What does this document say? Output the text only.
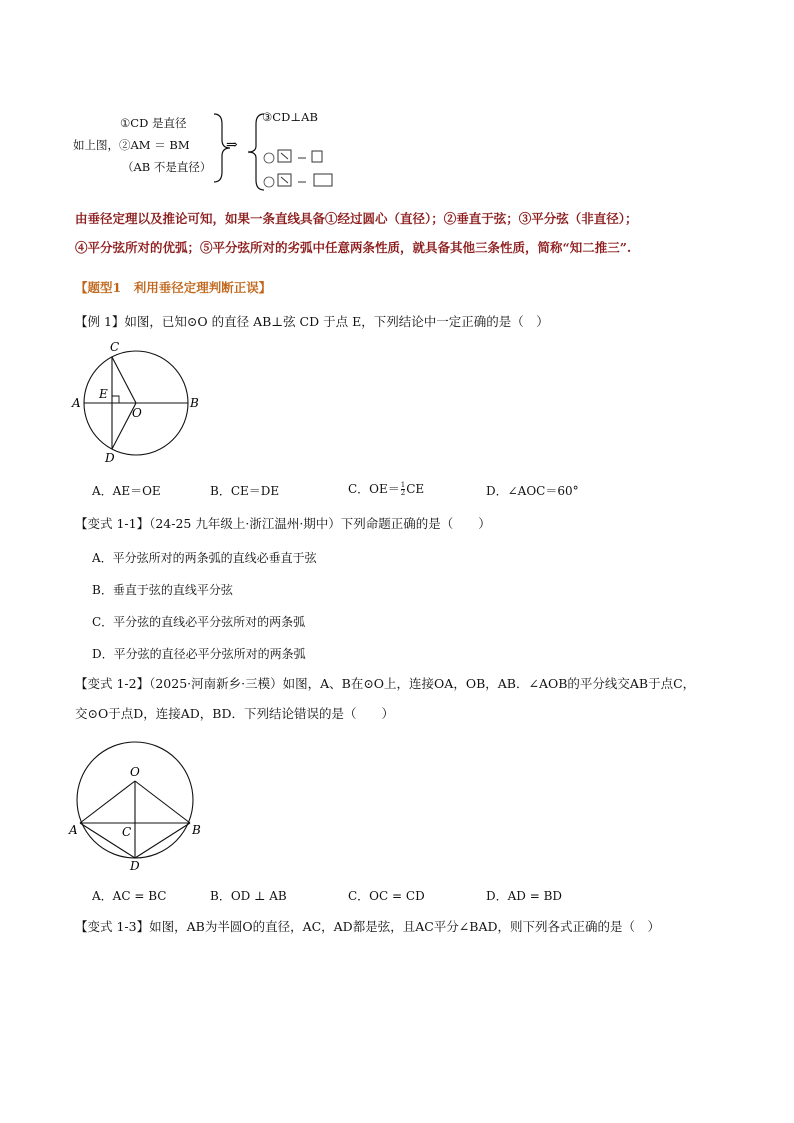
①CD 是直径
如上图，②AM ＝ BM
（AB 不是直径）
⇒
③CD⊥AB
由垂径定理以及推论可知，如果一条直线具备①经过圆心（直径）；②垂直于弦；③平分弦（非直径）；
④平分弦所对的优弧；⑤平分弦所对的劣弧中任意两条性质，就具备其他三条性质，简称“知二推三”.
【题型1　利用垂径定理判断正误】
【例 1】如图，已知⊙O 的直径 AB⊥弦 CD 于点 E，下列结论中一定正确的是（　）
C
A
E
O
B
D
A．AE＝OE	B．CE＝DE	C．$OE= \frac{1}{2}$ CE	D．∠AOC＝60°
【变式 1-1】（24-25 九年级上·浙江温州·期中）下列命题正确的是（　　）
A．平分弦所对的两条弧的直线必垂直于弦
B．垂直于弦的直线平分弦
C．平分弦的直线必平分弦所对的两条弧
D．平分弦的直径必平分弦所对的两条弧
【变式 1-2】（2025·河南新乡·三模）如图，A、B在⊙O上，连接OA，OB，AB．∠AOB的平分线交AB于点C，
交⊙O于点D，连接AD，BD．下列结论错误的是（　　）
O
A	B
C
D
A．AC = BC	B．OD ⊥ AB	C．OC = CD	D．AD = BD
【变式 1-3】如图，AB为半圆O的直径，AC，AD都是弦，且AC平分∠BAD，则下列各式正确的是（　）
